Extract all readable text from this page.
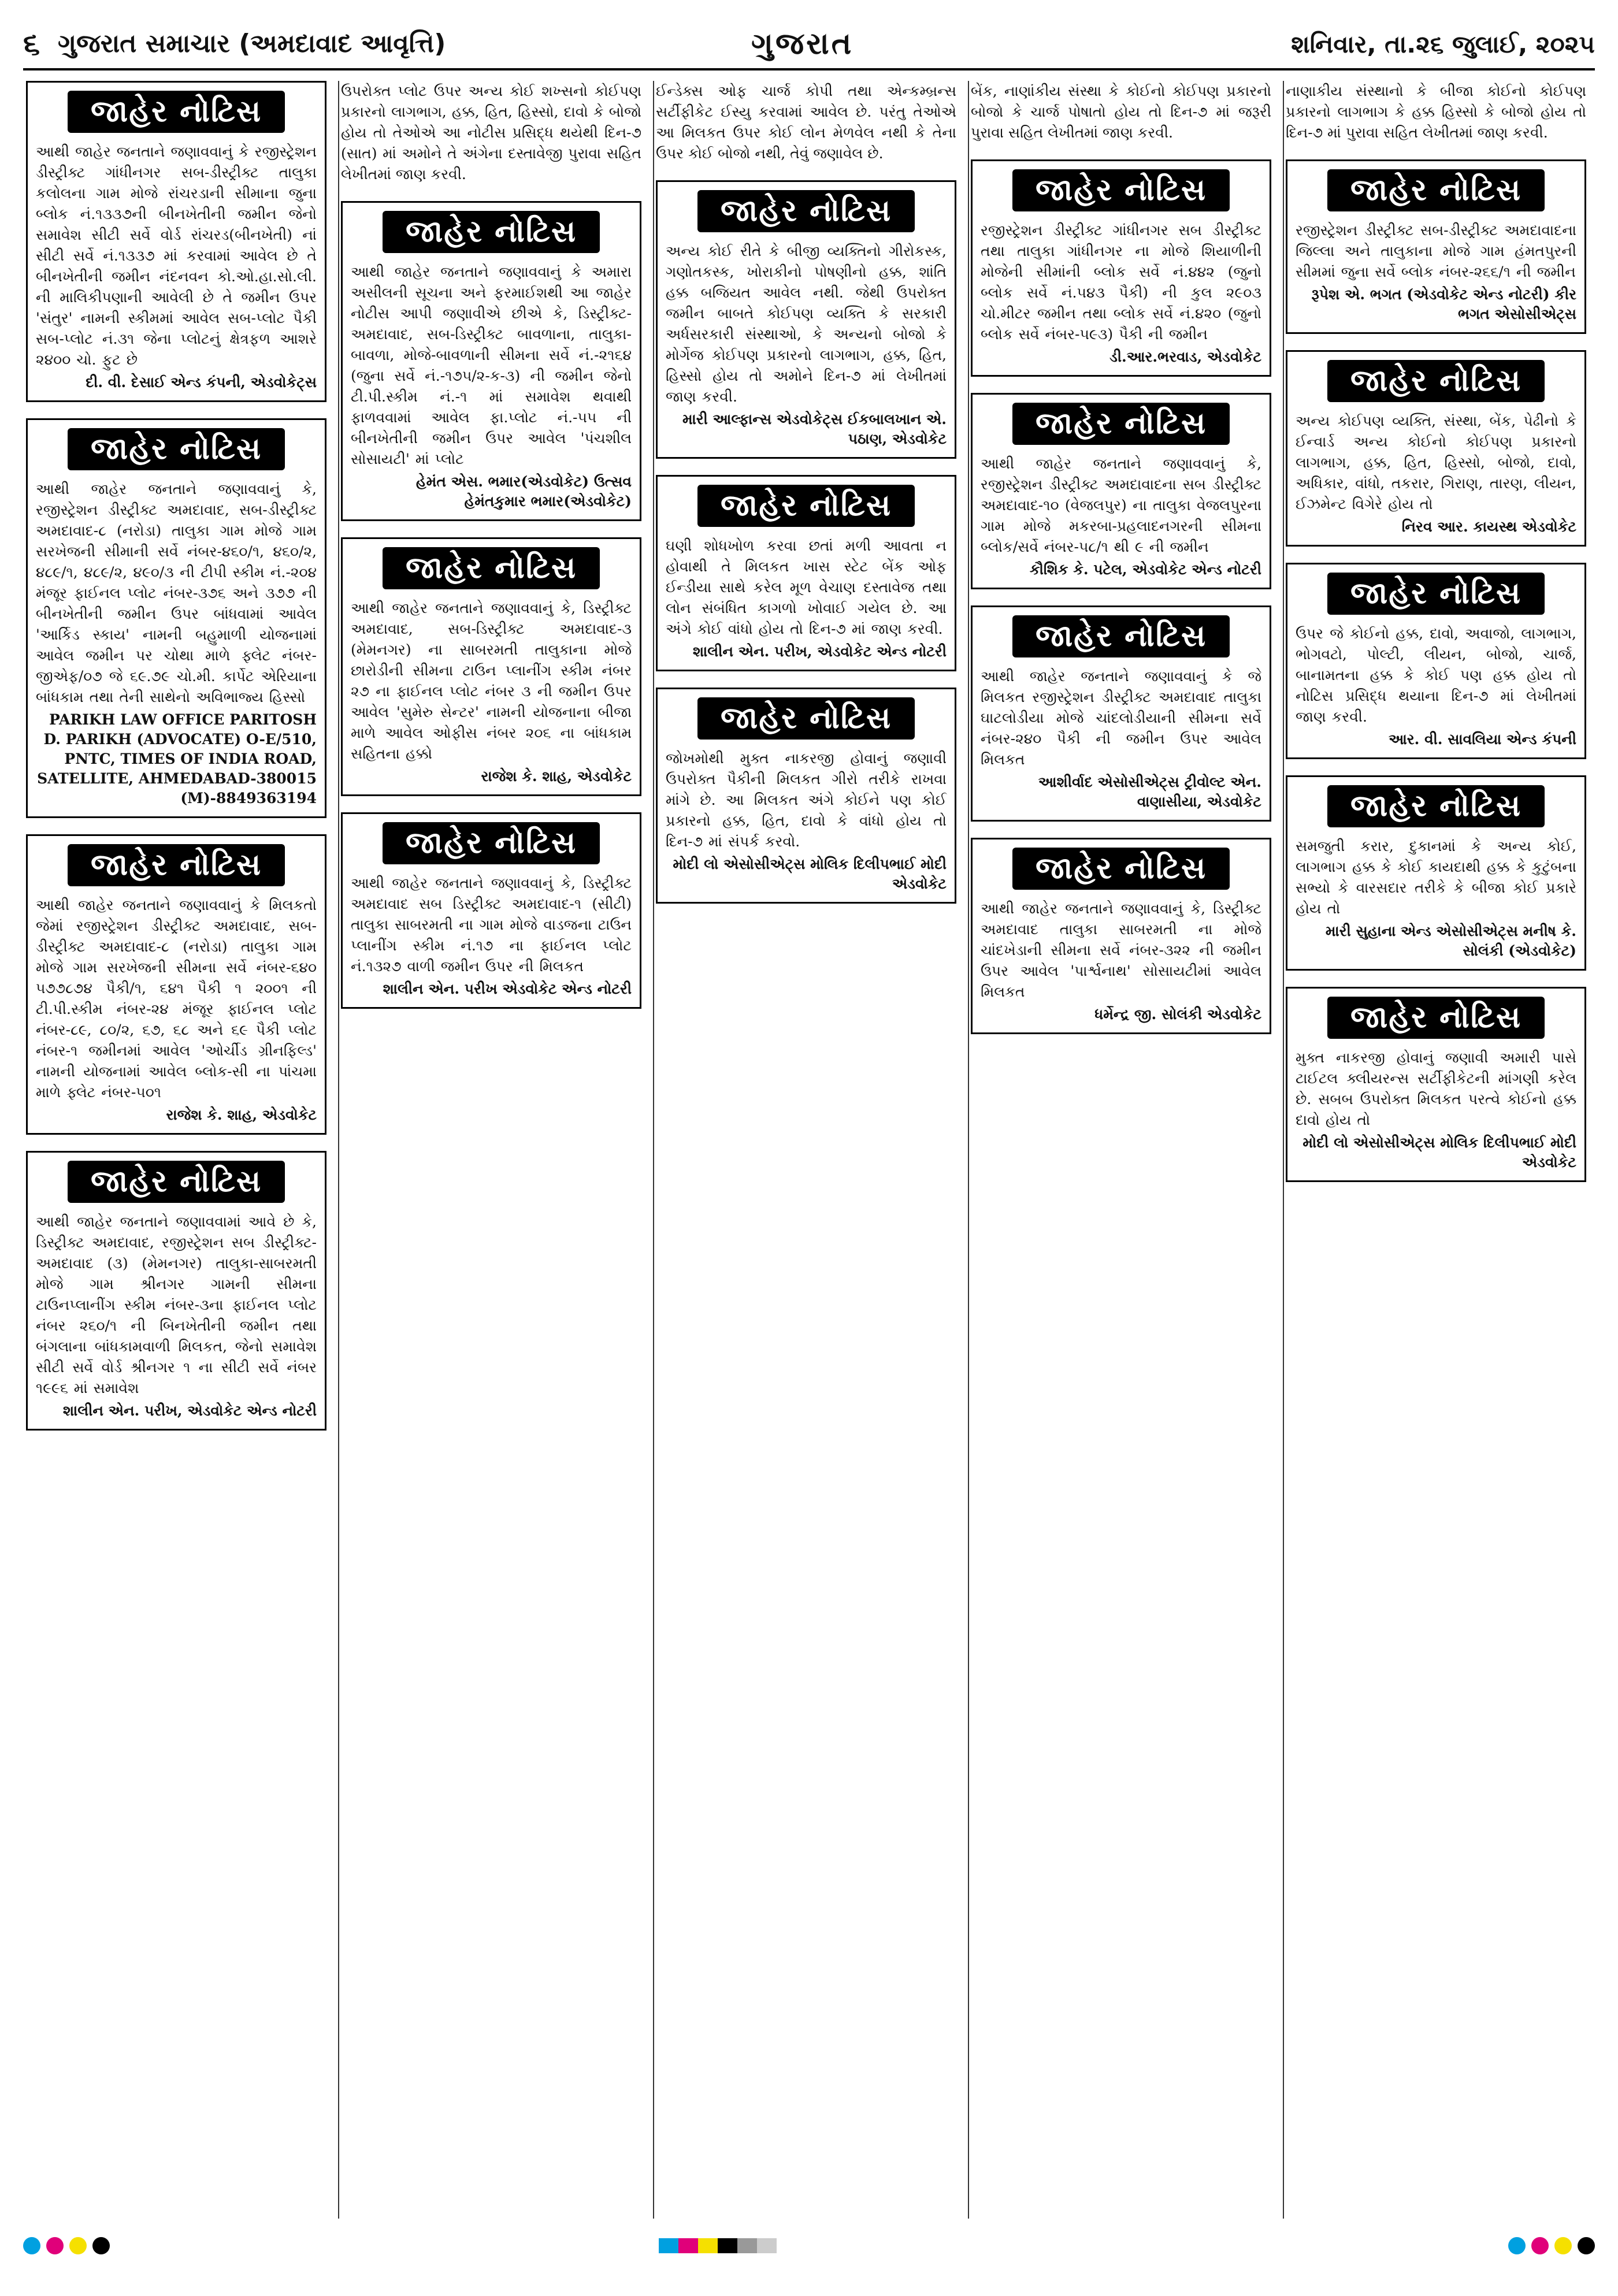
૬ ગુજરાત સમાચાર (અમદાવાદ આવૃત્તિ)	ગુજરાત	શનિવાર, તા.૨૬ જુલાઈ, ૨૦૨૫
જાહેર નોટિસ
આથી જાહેર જનતાને જણાવવાનું કે રજીસ્ટ્રેશન ડીસ્ટ્રીક્ટ ગાંધીનગર સબ-ડીસ્ટ્રીક્ટ તાલુકા કલોલના ગામ મોજે રાંચરડાની સીમાના જુના બ્લોક નં.૧૩૩૭ની બીનખેતીની જમીન જેનો સમાવેશ સીટી સર્વે વોર્ડ રાંચરડ(બીનખેતી) નાં સીટી સર્વે નં.૧૩૩૭ માં કરવામાં આવેલ છે તે બીનખેતીની જમીન નંદનવન કો.ઓ.હા.સો.લી. ની માલિકીપણાની આવેલી છે તે જમીન ઉપર 'સંતુર' નામની સ્કીમમાં આવેલ સબ-પ્લોટ પૈકી સબ-પ્લોટ નં.૩૧ જેના પ્લોટનું ક્ષેત્રફળ આશરે ૨૪૦૦ ચો. ફુટ છે
દી. વી. દેસાઈ એન્ડ કંપની, એડવોકેટ્સ
જાહેર નોટિસ
આથી જાહેર જનતાને જણાવવાનું કે, રજીસ્ટ્રેશન ડીસ્ટ્રીક્ટ અમદાવાદ, સબ-ડીસ્ટ્રીક્ટ અમદાવાદ-૮ (નરોડા) તાલુકા ગામ મોજે ગામ સરખેજની સીમાની સર્વે નંબર-૪૬૦/૧, ૪૬૦/૨, ૪૮૯/૧, ૪૮૯/૨, ૪૯૦/૩ ની ટીપી સ્કીમ નં.-૨૦૪ મંજૂર ફાઈનલ પ્લોટ નંબર-૩૭૬ અને ૩૭૭ ની બીનખેતીની જમીન ઉપર બાંધવામાં આવેલ 'આર્કિડ સ્કાય' નામની બહુમાળી યોજનામાં આવેલ જમીન પર ચોથા માળે ફ્લેટ નંબર-જીએફ/૦૭ જે ૬૯.૭૯ ચો.મી. કાર્પેટ એરિયાના બાંધકામ તથા તેની સાથેનો અવિભાજ્ય હિસ્સો
PARIKH LAW OFFICE PARITOSH D. PARIKH (ADVOCATE) O-E/510, PNTC, TIMES OF INDIA ROAD, SATELLITE, AHMEDABAD-380015 (M)-8849363194
જાહેર નોટિસ
આથી જાહેર જનતાને જણાવવાનું કે મિલકતો જેમાં રજીસ્ટ્રેશન ડીસ્ટ્રીક્ટ અમદાવાદ, સબ-ડીસ્ટ્રીક્ટ અમદાવાદ-૮ (નરોડા) તાલુકા ગામ મોજે ગામ સરખેજની સીમના સર્વે નંબર-૬૪૦ ૫૭૭૮૭૪ પૈકી/૧, ૬૪૧ પૈકી ૧ ૨૦૦૧ ની ટી.પી.સ્કીમ નંબર-૨૪ મંજૂર ફાઈનલ પ્લોટ નંબર-૮૯, ૮૦/૨, ૬૭, ૬૮ અને ૬૯ પૈકી પ્લોટ નંબર-૧ જમીનમાં આવેલ 'ઓર્ચીડ ગ્રીનફિલ્ડ' નામની યોજનામાં આવેલ બ્લોક-સી ના પાંચમા માળે ફ્લેટ નંબર-૫૦૧
રાજેશ કે. શાહ, એડવોકેટ
જાહેર નોટિસ
આથી જાહેર જનતાને જણાવવામાં આવે છે કે, ડિસ્ટ્રીક્ટ અમદાવાદ, રજીસ્ટ્રેશન સબ ડીસ્ટ્રીક્ટ-અમદાવાદ (૩) (મેમનગર) તાલુકા-સાબરમતી મોજે ગામ શ્રીનગર ગામની સીમના ટાઉનપ્લાનીંગ સ્કીમ નંબર-૩ના ફાઈનલ પ્લોટ નંબર ૨૬૦/૧ ની બિનખેતીની જમીન તથા બંગલાના બાંધકામવાળી મિલકત, જેનો સમાવેશ સીટી સર્વે વોર્ડ શ્રીનગર ૧ ના સીટી સર્વે નંબર ૧૯૯૬ માં સમાવેશ
શાલીન એન. પરીખ, એડવોકેટ એન્ડ નોટરી
ઉપરોક્ત પ્લોટ ઉપર અન્ય કોઈ શખ્સનો કોઈપણ પ્રકારનો લાગભાગ, હક્ક, હિત, હિસ્સો, દાવો કે બોજો હોય તો તેઓએ આ નોટીસ પ્રસિદ્ધ થયેથી દિન-૭ (સાત) માં અમોને તે અંગેના દસ્તાવેજી પુરાવા સહિત લેખીતમાં જાણ કરવી.
જાહેર નોટિસ
આથી જાહેર જનતાને જણાવવાનું કે અમારા અસીલની સૂચના અને ફરમાઈશથી આ જાહેર નોટીસ આપી જણાવીએ છીએ કે, ડિસ્ટ્રીક્ટ-અમદાવાદ, સબ-ડિસ્ટ્રીક્ટ બાવળાના, તાલુકા-બાવળા, મોજે-બાવળાની સીમના સર્વે નં.-૨૧૬૪ (જુના સર્વે નં.-૧૭૫/૨-ક-૩) ની જમીન જેનો ટી.પી.સ્કીમ નં.-૧ માં સમાવેશ થવાથી ફાળવવામાં આવેલ ફા.પ્લોટ નં.-૫૫ ની બીનખેતીની જમીન ઉપર આવેલ 'પંચશીલ સોસાયટી' માં પ્લોટ
હેમંત એસ. ભમાર(એડવોકેટ) ઉત્સવ હેમંતકુમાર ભમાર(એડવોકેટ)
જાહેર નોટિસ
આથી જાહેર જનતાને જણાવવાનું કે, ડિસ્ટ્રીક્ટ અમદાવાદ, સબ-ડિસ્ટ્રીક્ટ અમદાવાદ-૩ (મેમનગર) ના સાબરમતી તાલુકાના મોજે છારોડીની સીમના ટાઉન પ્લાનીંગ સ્કીમ નંબર ૨૭ ના ફાઈનલ પ્લોટ નંબર ૩ ની જમીન ઉપર આવેલ 'સુમેરુ સેન્ટર' નામની યોજનાના બીજા માળે આવેલ ઓફીસ નંબર ૨૦૬ ના બાંધકામ સહિતના હક્કો
રાજેશ કે. શાહ, એડવોકેટ
જાહેર નોટિસ
આથી જાહેર જનતાને જણાવવાનું કે, ડિસ્ટ્રીક્ટ અમદાવાદ સબ ડિસ્ટ્રીક્ટ અમદાવાદ-૧ (સીટી) તાલુકા સાબરમતી ના ગામ મોજે વાડજના ટાઉન પ્લાનીંગ સ્કીમ નં.૧૭ ના ફાઈનલ પ્લોટ નં.૧૩૨૭ વાળી જમીન ઉપર ની મિલકત
શાલીન એન. પરીખ એડવોકેટ એન્ડ નોટરી
ઈન્ડેક્સ ઓફ ચાર્જ કોપી તથા એન્કમ્બ્રન્સ સર્ટીફીકેટ ઈસ્યુ કરવામાં આવેલ છે. પરંતુ તેઓએ આ મિલકત ઉપર કોઈ લોન મેળવેલ નથી કે તેના ઉપર કોઈ બોજો નથી, તેવું જણાવેલ છે.
જાહેર નોટિસ
અન્ય કોઈ રીતે કે બીજી વ્યક્તિનો ગીરોકસ્ક, ગણોતકસ્ક, ખોરાકીનો પોષણીનો હક્ક, શાંતિ હક્ક બજિયત આવેલ નથી. જેથી ઉપરોક્ત જમીન બાબતે કોઈપણ વ્યક્તિ કે સરકારી અર્ધસરકારી સંસ્થાઓ, કે અન્યનો બોજો કે મોર્ગેજ કોઈપણ પ્રકારનો લાગભાગ, હક્ક, હિત, હિસ્સો હોય તો અમોને દિન-૭ માં લેખીતમાં જાણ કરવી.
મારી આલ્ફાન્સ એડવોકેટ્સ ઈકબાલખાન એ. પઠાણ, એડવોકેટ
જાહેર નોટિસ
ઘણી શોધખોળ કરવા છતાં મળી આવતા ન હોવાથી તે મિલકત ખાસ સ્ટેટ બેંક ઓફ ઈન્ડીયા સાથે કરેલ મૂળ વેચાણ દસ્તાવેજ તથા લોન સંબંધિત કાગળો ખોવાઈ ગયેલ છે. આ અંગે કોઈ વાંધો હોય તો દિન-૭ માં જાણ કરવી.
શાલીન એન. પરીખ, એડવોકેટ એન્ડ નોટરી
જાહેર નોટિસ
જોખમોથી મુક્ત નાકરજી હોવાનું જણાવી ઉપરોક્ત પૈકીની મિલકત ગીરો તરીકે રાખવા માંગે છે. આ મિલકત અંગે કોઈને પણ કોઈ પ્રકારનો હક્ક, હિત, દાવો કે વાંધો હોય તો દિન-૭ માં સંપર્ક કરવો.
મોદી લો એસોસીએટ્સ મોલિક દિલીપભાઈ મોદી એડવોકેટ
બેંક, નાણાંકીય સંસ્થા કે કોઈનો કોઈપણ પ્રકારનો બોજો કે ચાર્જ પોષાતો હોય તો દિન-૭ માં જરૂરી પુરાવા સહિત લેખીતમાં જાણ કરવી.
જાહેર નોટિસ
રજીસ્ટ્રેશન ડીસ્ટ્રીક્ટ ગાંધીનગર સબ ડીસ્ટ્રીક્ટ તથા તાલુકા ગાંધીનગર ના મોજે શિયાળીની મોજેની સીમાંની બ્લોક સર્વે નં.૪૪૨ (જુનો બ્લોક સર્વે નં.૫૪૩ પૈકી) ની કુલ ૨૯૦૩ ચો.મીટર જમીન તથા બ્લોક સર્વે નં.૪૨૦ (જુનો બ્લોક સર્વે નંબર-૫૯૩) પૈકી ની જમીન
ડી.આર.ભરવાડ, એડવોકેટ
જાહેર નોટિસ
આથી જાહેર જનતાને જણાવવાનું કે, રજીસ્ટ્રેશન ડીસ્ટ્રીક્ટ અમદાવાદના સબ ડીસ્ટ્રીક્ટ અમદાવાદ-૧૦ (વેજલપુર) ના તાલુકા વેજલપુરના ગામ મોજે મકરબા-પ્રહલાદનગરની સીમના બ્લોક/સર્વે નંબર-૫૮/૧ થી ૯ ની જમીન
કૌશિક કે. પટેલ, એડવોકેટ એન્ડ નોટરી
જાહેર નોટિસ
આથી જાહેર જનતાને જણાવવાનું કે જે મિલકત રજીસ્ટ્રેશન ડીસ્ટ્રીક્ટ અમદાવાદ તાલુકા ઘાટલોડીયા મોજે ચાંદલોડીયાની સીમના સર્વે નંબર-૨૪૦ પૈકી ની જમીન ઉપર આવેલ મિલકત
આશીર્વાદ એસોસીએટ્સ ટ્રીવોલ્ટ એન. વાણાસીયા, એડવોકેટ
જાહેર નોટિસ
આથી જાહેર જનતાને જણાવવાનું કે, ડિસ્ટ્રીક્ટ અમદાવાદ તાલુકા સાબરમતી ના મોજે ચાંદખેડાની સીમના સર્વે નંબર-૩૨૨ ની જમીન ઉપર આવેલ 'પાર્શ્વનાથ' સોસાયટીમાં આવેલ મિલકત
ધર્મેન્દ્ર જી. સોલંકી એડવોકેટ
નાણાકીય સંસ્થાનો કે બીજા કોઈનો કોઈપણ પ્રકારનો લાગભાગ કે હક્ક હિસ્સો કે બોજો હોય તો દિન-૭ માં પુરાવા સહિત લેખીતમાં જાણ કરવી.
જાહેર નોટિસ
રજીસ્ટ્રેશન ડીસ્ટ્રીક્ટ સબ-ડીસ્ટ્રીક્ટ અમદાવાદના જિલ્લા અને તાલુકાના મોજે ગામ હંમતપુરની સીમમાં જુના સર્વે બ્લોક નંબર-૨૬૬/૧ ની જમીન
રૂપેશ એ. ભગત (એડવોકેટ એન્ડ નોટરી) કીર ભગત એસોસીએટ્સ
જાહેર નોટિસ
અન્ય કોઈપણ વ્યક્તિ, સંસ્થા, બેંક, પેઢીનો કે ઈન્વાર્ડ અન્ય કોઈનો કોઈપણ પ્રકારનો લાગભાગ, હક્ક, હિત, હિસ્સો, બોજો, દાવો, અધિકાર, વાંધો, તકરાર, ગિરાણ, તારણ, લીયન, ઈઝમેન્ટ વિગેરે હોય તો
નિરવ આર. કાયસ્થ એડવોકેટ
જાહેર નોટિસ
ઉપર જે કોઈનો હક્ક, દાવો, અવાજો, લાગભાગ, ભોગવટો, પોલ્ટી, લીયન, બોજો, ચાર્જ, બાનામતના હક્ક કે કોઈ પણ હક્ક હોય તો નોટિસ પ્રસિદ્ધ થયાના દિન-૭ માં લેખીતમાં જાણ કરવી.
આર. વી. સાવલિયા એન્ડ કંપની
જાહેર નોટિસ
સમજુતી કરાર, દુકાનમાં કે અન્ય કોઈ, લાગભાગ હક્ક કે કોઈ કાયદાથી હક્ક કે કુટુંબના સભ્યો કે વારસદાર તરીકે કે બીજા કોઈ પ્રકારે હોય તો
મારી સુહાના એન્ડ એસોસીએટ્સ મનીષ કે. સોલંકી (એડવોકેટ)
જાહેર નોટિસ
મુક્ત નાકરજી હોવાનું જણાવી અમારી પાસે ટાઈટલ ક્લીયરન્સ સર્ટીફીકેટની માંગણી કરેલ છે. સબબ ઉપરોક્ત મિલકત પરત્વે કોઈનો હક્ક દાવો હોય તો
મોદી લો એસોસીએટ્સ મોલિક દિલીપભાઈ મોદી એડવોકેટ
